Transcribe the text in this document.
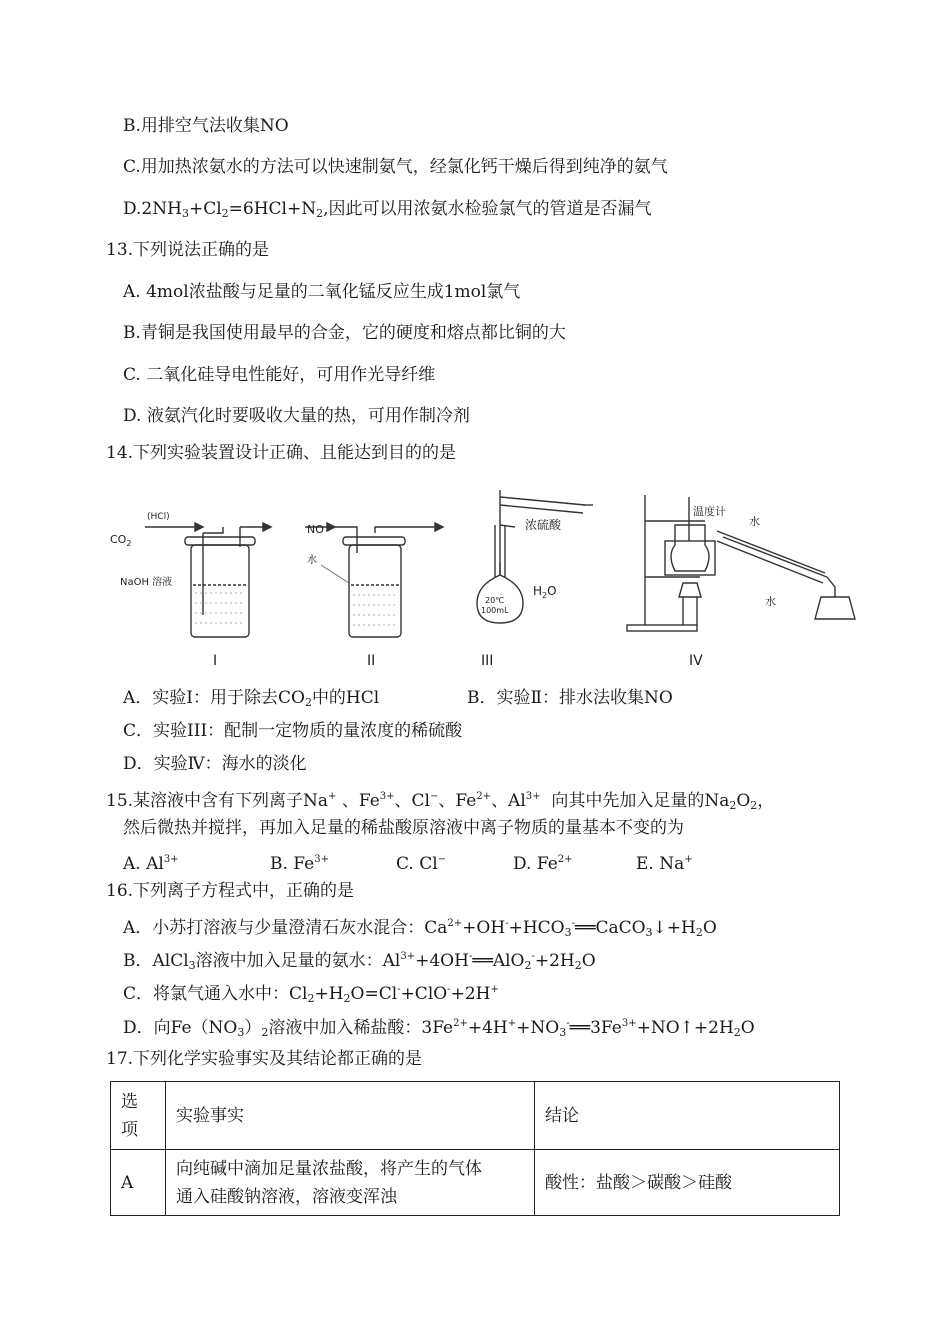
B.用排空气法收集NO
C.用加热浓氨水的方法可以快速制氨气，经氯化钙干燥后得到纯净的氨气
$D.2NH_3+Cl_2=6HCl+N_2$,因此可以用浓氨水检验氯气的管道是否漏气
13.下列说法正确的是
A. 4mol浓盐酸与足量的二氧化锰反应生成1mol氯气
B.青铜是我国使用最早的合金，它的硬度和熔点都比铜的大
C. 二氧化硅导电性能好，可用作光导纤维
D. 液氨汽化时要吸收大量的热，可用作制冷剂
14.下列实验装置设计正确、且能达到目的的是
$CO_2$
(HCl)
NaOH 溶液
NO
水
浓硫酸
20℃
100mL
$H_2O$
温度计
水
水
I	II	III	IV
A．实验I：用于除去$CO_2$中的HCl	B．实验Ⅱ：排水法收集NO
C．实验III：配制一定物质的量浓度的稀硫酸
D．实验Ⅳ：海水的淡化
15.某溶液中含有下列离子Na+ 、$Fe^{3+}$、Cl−、$Fe^{2+}$、$Al^{3+}$ 向其中先加入足量的$Na_2O_2$，
然后微热并搅拌，再加入足量的稀盐酸原溶液中离子物质的量基本不变的为
A. $Al^{3+}$	B. $Fe^{3+}$	C. Cl−	D. $Fe^{2+}$	E. Na+
16.下列离子方程式中，正确的是
A．小苏打溶液与少量澄清石灰水混合：$Ca^{2+}+OH^-+HCO_3^-══CaCO_3↓+H_2O$
B．AlCl$_3$溶液中加入足量的氨水：$Al^{3+}+4OH^-══AlO_2^-+2H_2O$
C．将氯气通入水中：$Cl_2+H_2O=Cl^-+ClO^-+2H^+$
D．向$Fe(NO_3)_2$溶液中加入稀盐酸：$3Fe^{2+}+4H^++NO_3^-══3Fe^{3+}+NO↑+2H_2O$
17.下列化学实验事实及其结论都正确的是
选
项	实验事实	结论
A	向纯碱中滴加足量浓盐酸，将产生的气体
通入硅酸钠溶液，溶液变浑浊	酸性：盐酸＞碳酸＞硅酸
